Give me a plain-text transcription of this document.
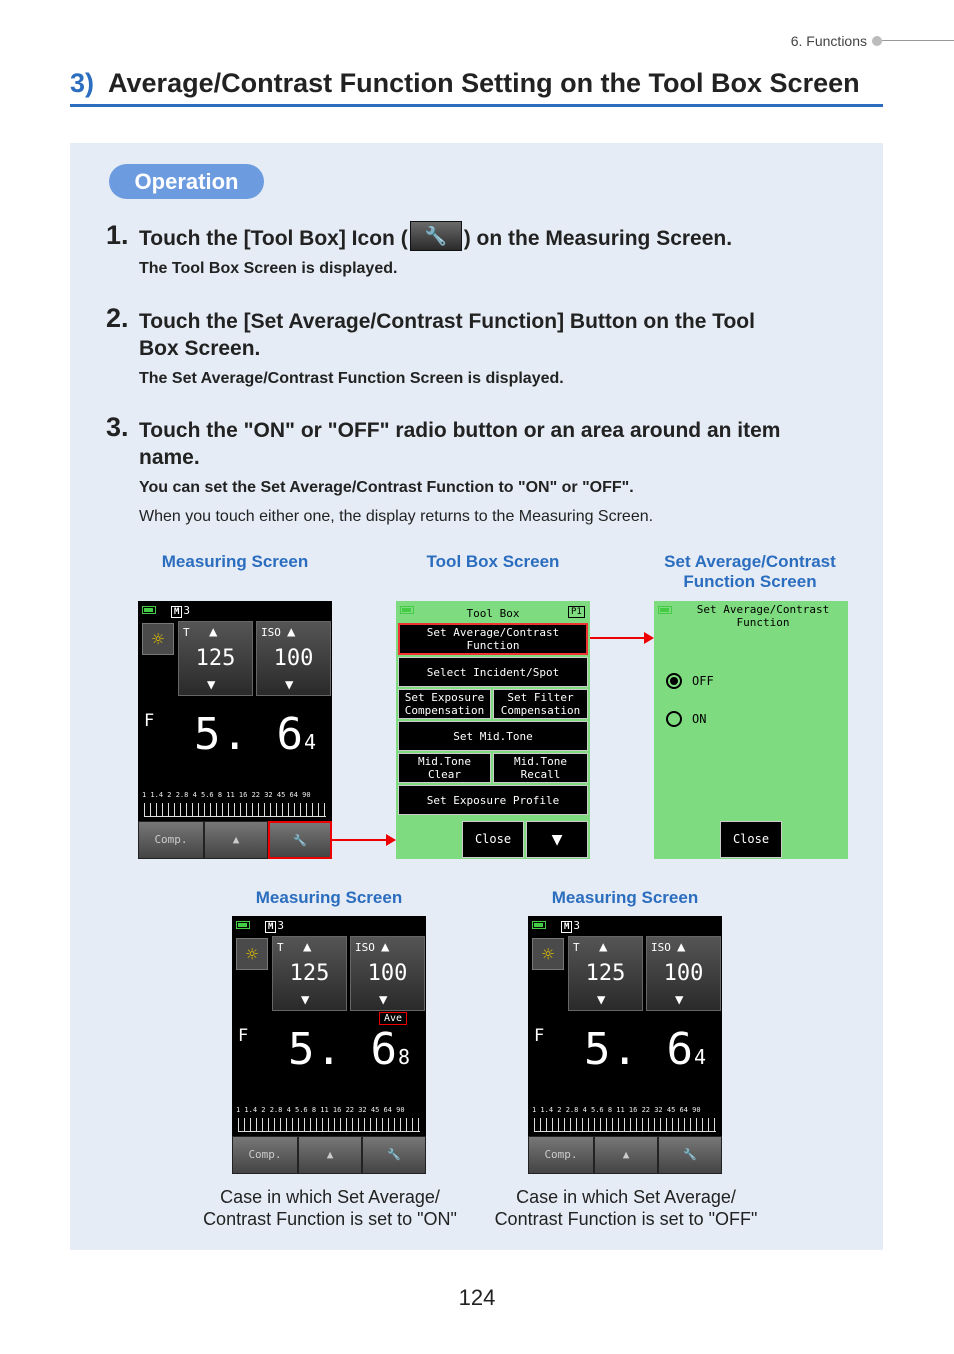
6. Functions
3) Average/Contrast Function Setting on the Tool Box Screen
Operation
1. Touch the [Tool Box] Icon ( 🔧 ) on the Measuring Screen.
The Tool Box Screen is displayed.
2. Touch the [Set Average/Contrast Function] Button on the Tool
Box Screen.
The Set Average/Contrast Function Screen is displayed.
3. Touch the "ON" or "OFF" radio button or an area around an item
name.
You can set the Set Average/Contrast Function to "ON" or "OFF".
When you touch either one, the display returns to the Measuring Screen.
Measuring Screen	Tool Box Screen	Set Average/Contrast
Function Screen
M 3
☼	T ▲
125
▼
ISO ▲
100
▼
F 5. 64
1 1.4 2 2.8 4 5.6 8 11 16 22 32 45 64 90
Comp.	▲	🔧
Tool Box	P1
Set Average/Contrast Function
Select Incident/Spot
Set Exposure Compensation
Set Filter Compensation
Set Mid.Tone
Mid.Tone Clear
Mid.Tone Recall
Set Exposure Profile
Close	▼
Set Average/Contrast Function
OFF
ON
Close
Measuring Screen	Measuring Screen
M 3
☼	T ▲
125
▼
ISO ▲
100
▼
Ave
F 5. 68
1 1.4 2 2.8 4 5.6 8 11 16 22 32 45 64 90
Comp.	▲	🔧
M 3
☼	T ▲
125
▼
ISO ▲
100
▼
F 5. 64
1 1.4 2 2.8 4 5.6 8 11 16 22 32 45 64 90
Comp.	▲	🔧
Case in which Set Average/
Contrast Function is set to "ON"
Case in which Set Average/
Contrast Function is set to "OFF"
124
